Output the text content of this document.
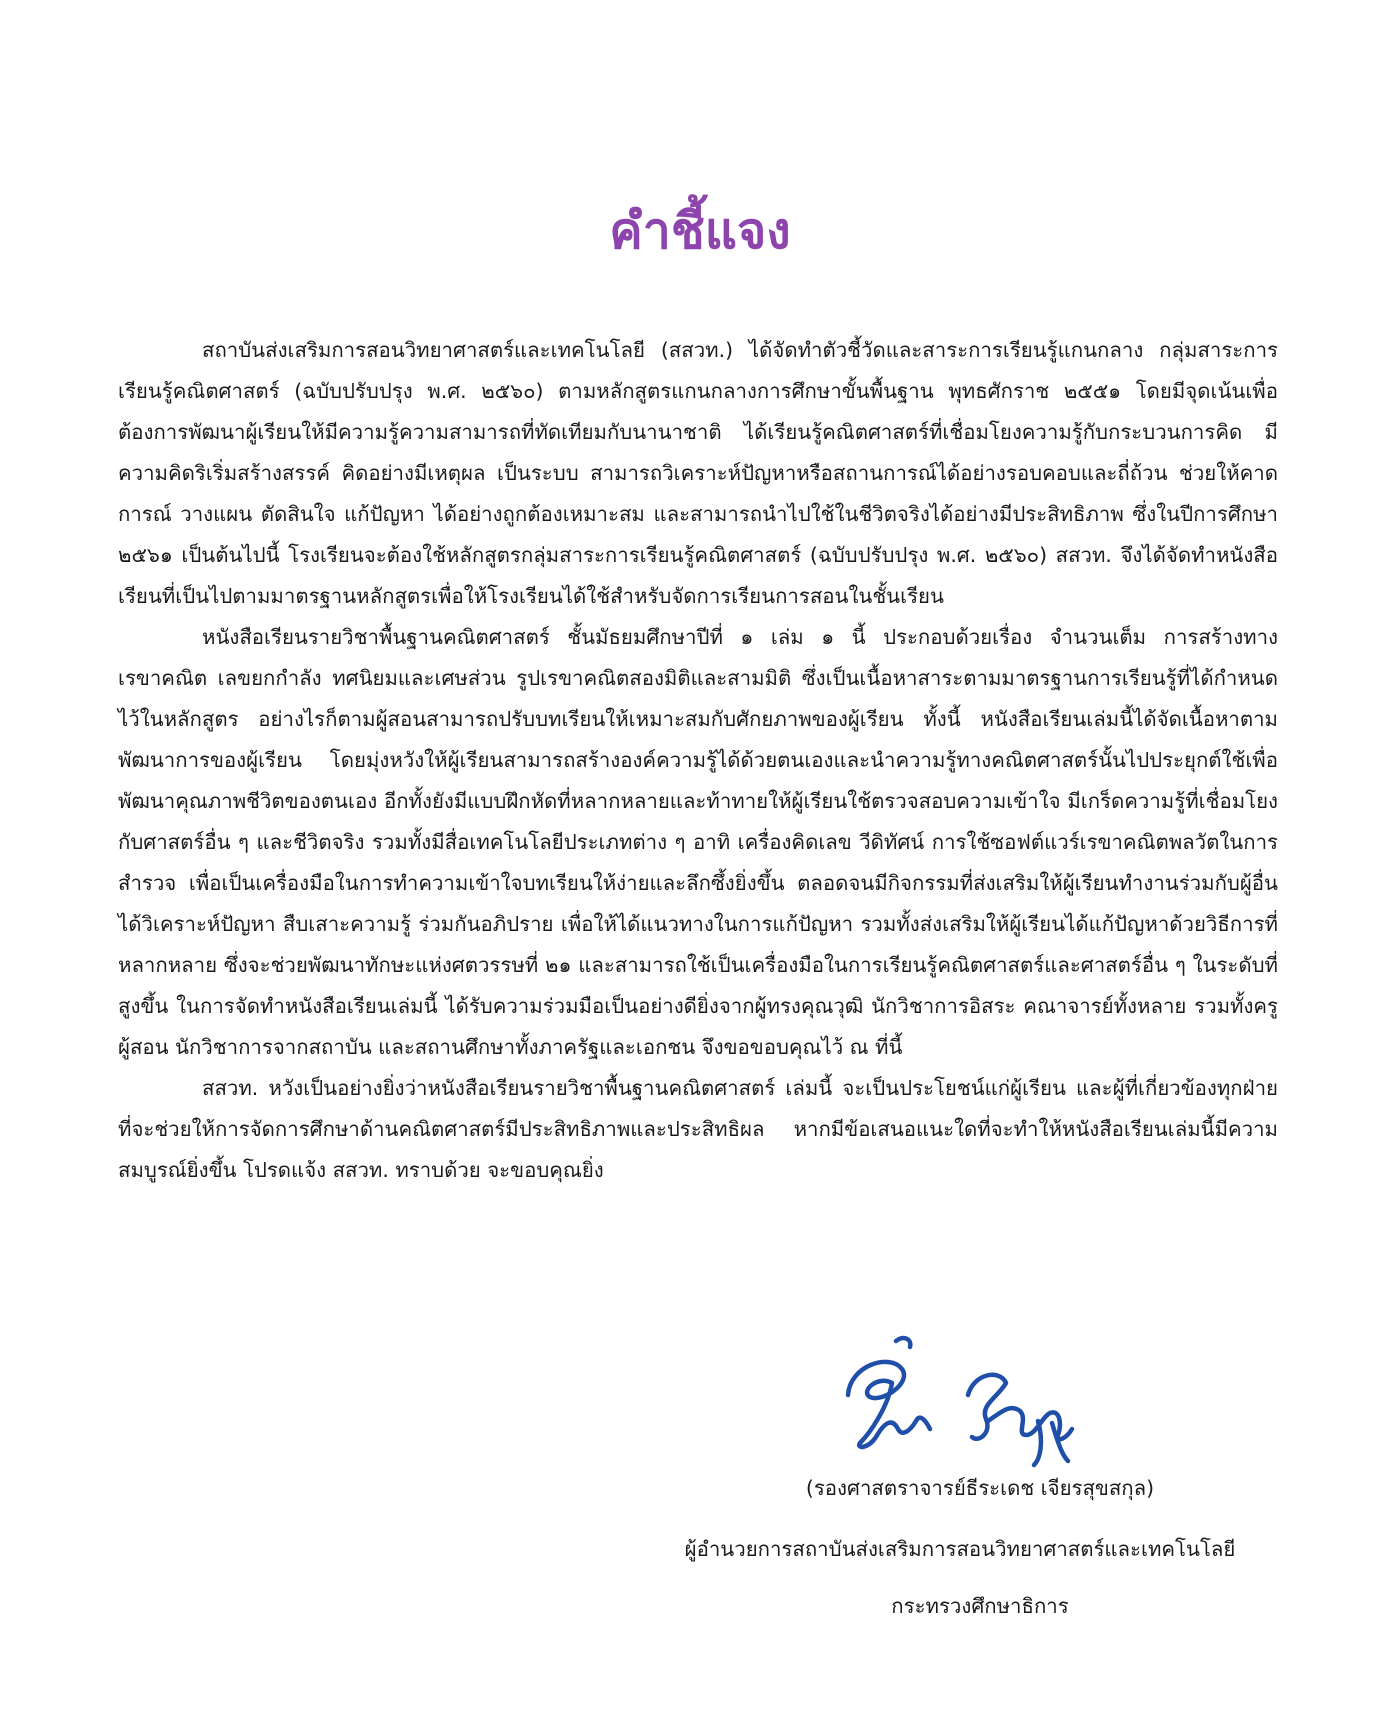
คำชี้แจง

สถาบันส่งเสริมการสอนวิทยาศาสตร์และเทคโนโลยี (สสวท.) ได้จัดทำตัวชี้วัดและสาระการเรียนรู้แกนกลาง กลุ่มสาระการเรียนรู้คณิตศาสตร์ (ฉบับปรับปรุง พ.ศ. ๒๕๖๐) ตามหลักสูตรแกนกลางการศึกษาขั้นพื้นฐาน พุทธศักราช ๒๕๕๑ โดยมีจุดเน้นเพื่อต้องการพัฒนาผู้เรียนให้มีความรู้ความสามารถที่ทัดเทียมกับนานาชาติ ได้เรียนรู้คณิตศาสตร์ที่เชื่อมโยงความรู้กับกระบวนการคิด มีความคิดริเริ่มสร้างสรรค์ คิดอย่างมีเหตุผล เป็นระบบ สามารถวิเคราะห์ปัญหาหรือสถานการณ์ได้อย่างรอบคอบและถี่ถ้วน ช่วยให้คาดการณ์ วางแผน ตัดสินใจ แก้ปัญหา ได้อย่างถูกต้องเหมาะสม และสามารถนำไปใช้ในชีวิตจริงได้อย่างมีประสิทธิภาพ ซึ่งในปีการศึกษา ๒๕๖๑ เป็นต้นไปนี้ โรงเรียนจะต้องใช้หลักสูตรกลุ่มสาระการเรียนรู้คณิตศาสตร์ (ฉบับปรับปรุง พ.ศ. ๒๕๖๐) สสวท. จึงได้จัดทำหนังสือเรียนที่เป็นไปตามมาตรฐานหลักสูตรเพื่อให้โรงเรียนได้ใช้สำหรับจัดการเรียนการสอนในชั้นเรียน

หนังสือเรียนรายวิชาพื้นฐานคณิตศาสตร์ ชั้นมัธยมศึกษาปีที่ ๑ เล่ม ๑ นี้ ประกอบด้วยเรื่อง จำนวนเต็ม การสร้างทางเรขาคณิต เลขยกกำลัง ทศนิยมและเศษส่วน รูปเรขาคณิตสองมิติและสามมิติ ซึ่งเป็นเนื้อหาสาระตามมาตรฐานการเรียนรู้ที่ได้กำหนดไว้ในหลักสูตร อย่างไรก็ตามผู้สอนสามารถปรับบทเรียนให้เหมาะสมกับศักยภาพของผู้เรียน ทั้งนี้ หนังสือเรียนเล่มนี้ได้จัดเนื้อหาตามพัฒนาการของผู้เรียน โดยมุ่งหวังให้ผู้เรียนสามารถสร้างองค์ความรู้ได้ด้วยตนเองและนำความรู้ทางคณิตศาสตร์นั้นไปประยุกต์ใช้เพื่อพัฒนาคุณภาพชีวิตของตนเอง อีกทั้งยังมีแบบฝึกหัดที่หลากหลายและท้าทายให้ผู้เรียนใช้ตรวจสอบความเข้าใจ มีเกร็ดความรู้ที่เชื่อมโยงกับศาสตร์อื่น ๆ และชีวิตจริง รวมทั้งมีสื่อเทคโนโลยีประเภทต่าง ๆ อาทิ เครื่องคิดเลข วีดิทัศน์ การใช้ซอฟต์แวร์เรขาคณิตพลวัตในการสำรวจ เพื่อเป็นเครื่องมือในการทำความเข้าใจบทเรียนให้ง่ายและลึกซึ้งยิ่งขึ้น ตลอดจนมีกิจกรรมที่ส่งเสริมให้ผู้เรียนทำงานร่วมกับผู้อื่น ได้วิเคราะห์ปัญหา สืบเสาะความรู้ ร่วมกันอภิปราย เพื่อให้ได้แนวทางในการแก้ปัญหา รวมทั้งส่งเสริมให้ผู้เรียนได้แก้ปัญหาด้วยวิธีการที่หลากหลาย ซึ่งจะช่วยพัฒนาทักษะแห่งศตวรรษที่ ๒๑ และสามารถใช้เป็นเครื่องมือในการเรียนรู้คณิตศาสตร์และศาสตร์อื่น ๆ ในระดับที่สูงขึ้น ในการจัดทำหนังสือเรียนเล่มนี้ ได้รับความร่วมมือเป็นอย่างดียิ่งจากผู้ทรงคุณวุฒิ นักวิชาการอิสระ คณาจารย์ทั้งหลาย รวมทั้งครูผู้สอน นักวิชาการจากสถาบัน และสถานศึกษาทั้งภาครัฐและเอกชน จึงขอขอบคุณไว้ ณ ที่นี้

สสวท. หวังเป็นอย่างยิ่งว่าหนังสือเรียนรายวิชาพื้นฐานคณิตศาสตร์ เล่มนี้ จะเป็นประโยชน์แก่ผู้เรียน และผู้ที่เกี่ยวข้องทุกฝ่าย ที่จะช่วยให้การจัดการศึกษาด้านคณิตศาสตร์มีประสิทธิภาพและประสิทธิผล หากมีข้อเสนอแนะใดที่จะทำให้หนังสือเรียนเล่มนี้มีความสมบูรณ์ยิ่งขึ้น โปรดแจ้ง สสวท. ทราบด้วย จะขอบคุณยิ่ง

(รองศาสตราจารย์ธีระเดช เจียรสุขสกุล)
ผู้อำนวยการสถาบันส่งเสริมการสอนวิทยาศาสตร์และเทคโนโลยี
กระทรวงศึกษาธิการ
